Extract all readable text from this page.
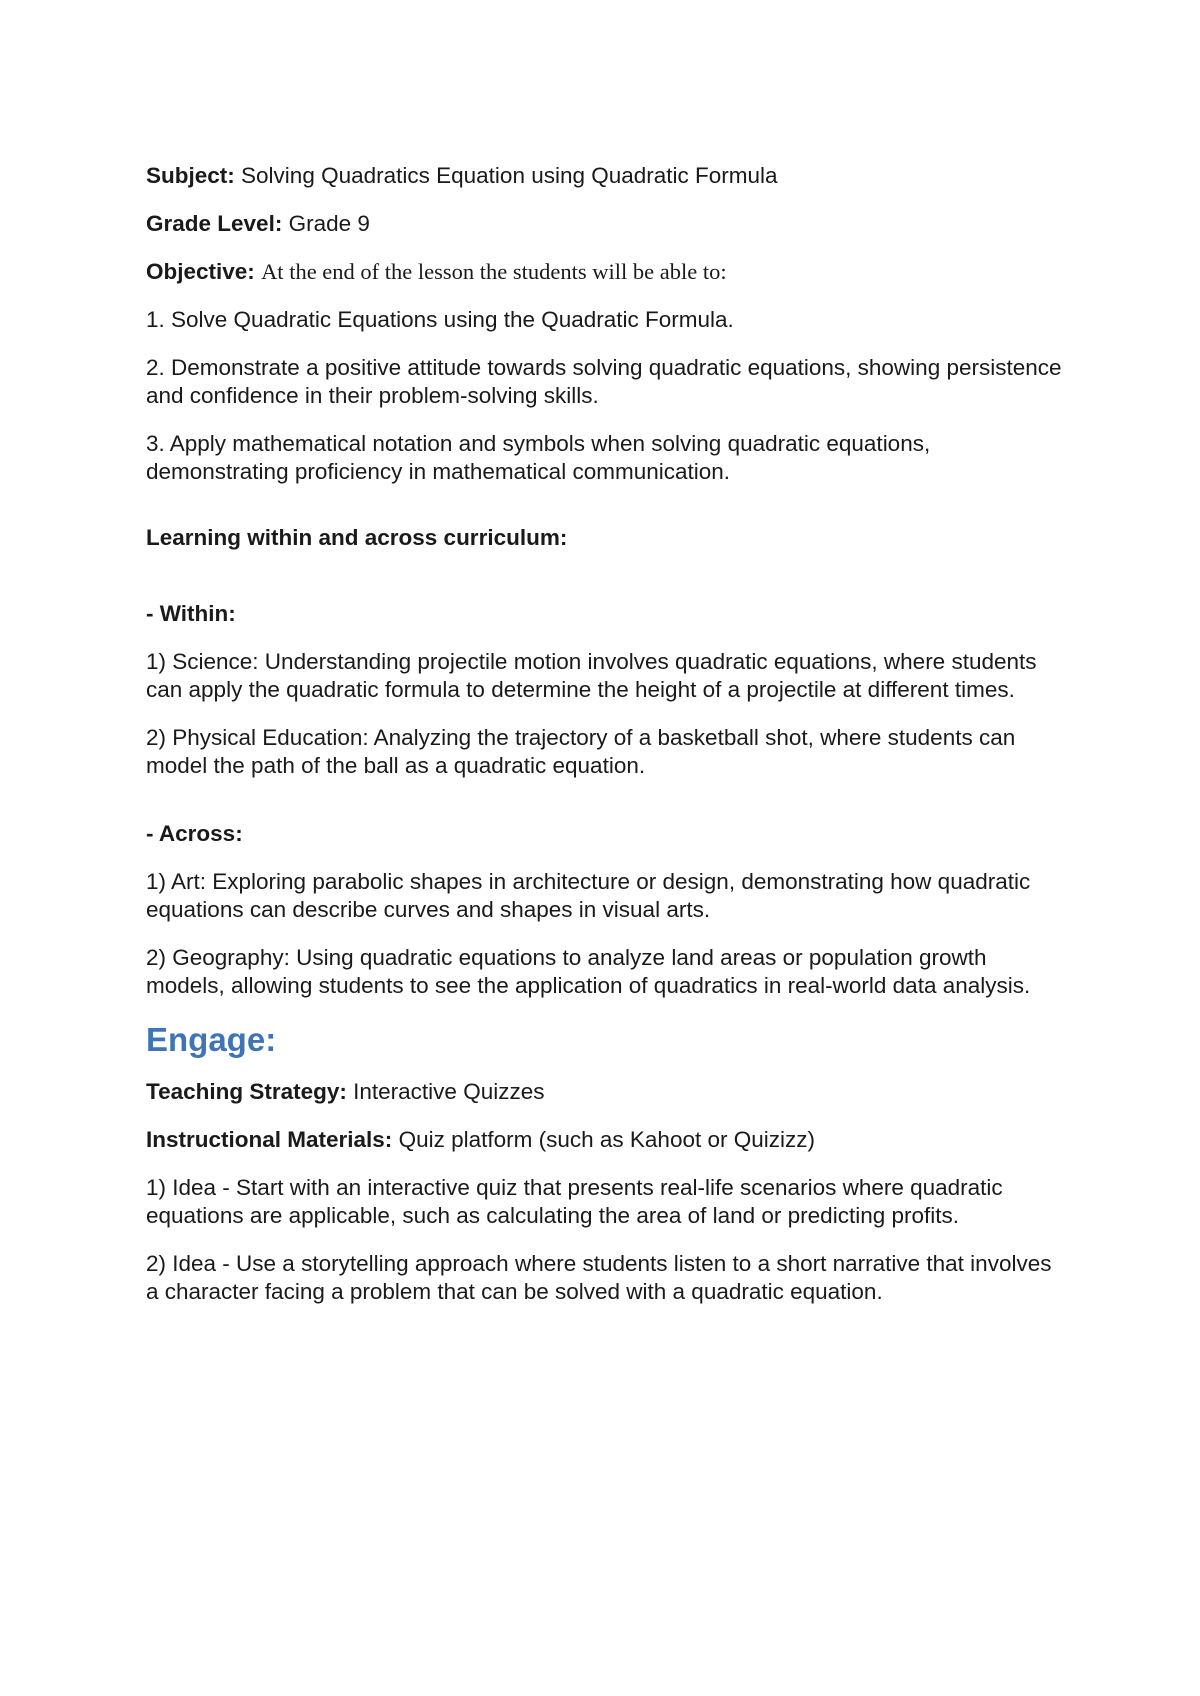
Subject: Solving Quadratics Equation using Quadratic Formula

Grade Level: Grade 9

Objective: At the end of the lesson the students will be able to:

1. Solve Quadratic Equations using the Quadratic Formula.

2. Demonstrate a positive attitude towards solving quadratic equations, showing persistence and confidence in their problem-solving skills.

3. Apply mathematical notation and symbols when solving quadratic equations, demonstrating proficiency in mathematical communication.

Learning within and across curriculum:

- Within:

1) Science: Understanding projectile motion involves quadratic equations, where students can apply the quadratic formula to determine the height of a projectile at different times.

2) Physical Education: Analyzing the trajectory of a basketball shot, where students can model the path of the ball as a quadratic equation.

- Across:

1) Art: Exploring parabolic shapes in architecture or design, demonstrating how quadratic equations can describe curves and shapes in visual arts.

2) Geography: Using quadratic equations to analyze land areas or population growth models, allowing students to see the application of quadratics in real-world data analysis.

Engage:

Teaching Strategy: Interactive Quizzes

Instructional Materials: Quiz platform (such as Kahoot or Quizizz)

1) Idea - Start with an interactive quiz that presents real-life scenarios where quadratic equations are applicable, such as calculating the area of land or predicting profits.

2) Idea - Use a storytelling approach where students listen to a short narrative that involves a character facing a problem that can be solved with a quadratic equation.
